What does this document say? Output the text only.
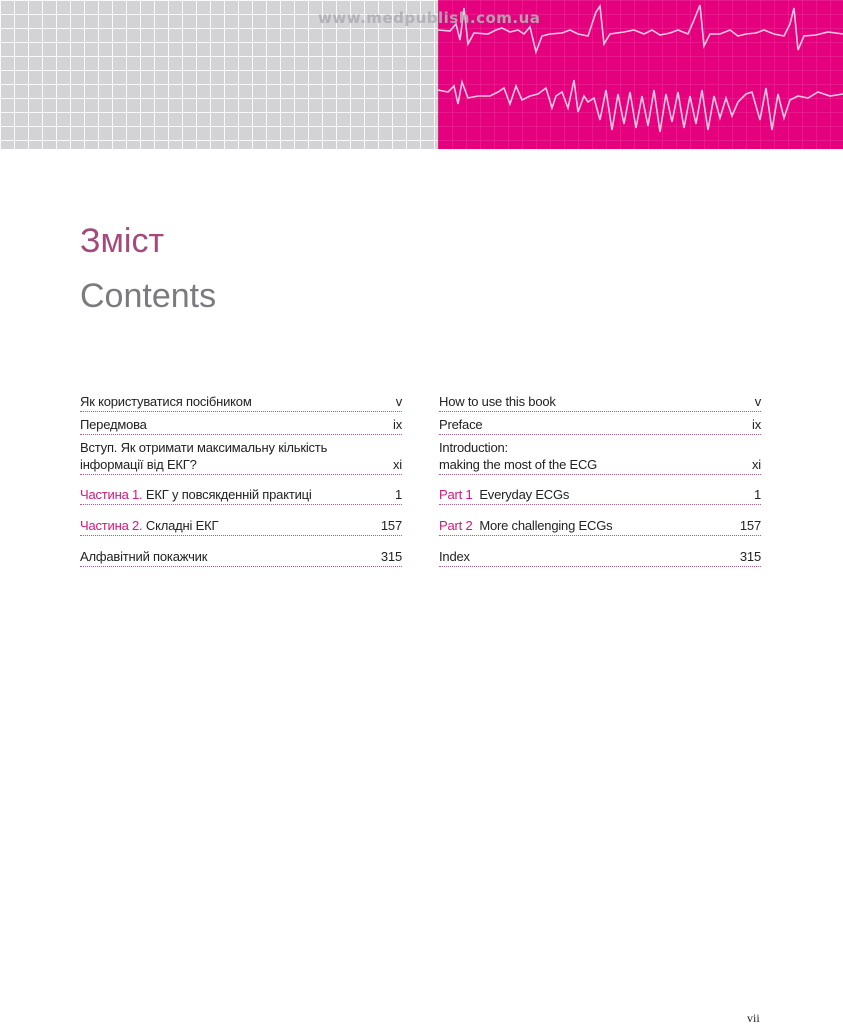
www.medpublish.com.ua
Зміст
Contents
Як користуватися посібником	v
Передмова	ix
Вступ. Як отримати максимальну кількість
інформації від ЕКГ?	xi
Частина 1. ЕКГ у повсякденній практиці	1
Частина 2. Складні ЕКГ	157
Алфавітний покажчик	315
How to use this book	v
Preface	ix
Introduction:
making the most of the ECG	xi
Part 1 Everyday ECGs	1
Part 2 More challenging ECGs	157
Index	315
vii
